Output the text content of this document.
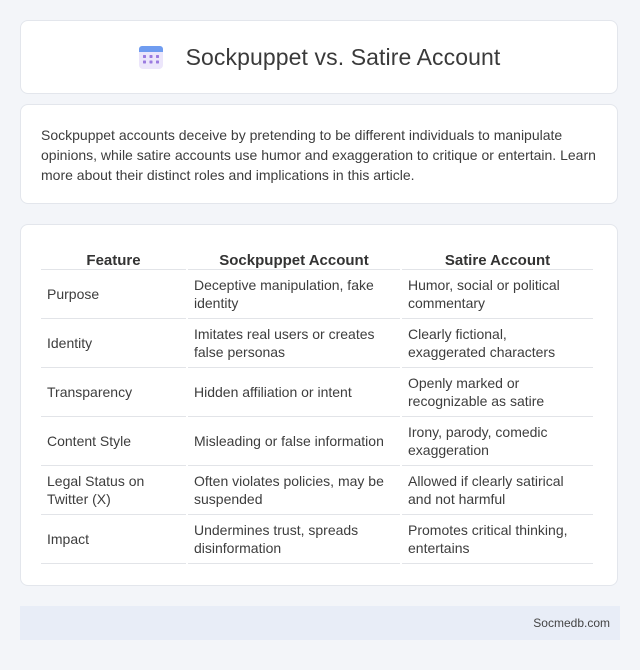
Sockpuppet vs. Satire Account

Sockpuppet accounts deceive by pretending to be different individuals to manipulate opinions, while satire accounts use humor and exaggeration to critique or entertain. Learn more about their distinct roles and implications in this article.

Feature	Sockpuppet Account	Satire Account
Purpose	Deceptive manipulation, fake identity	Humor, social or political commentary
Identity	Imitates real users or creates false personas	Clearly fictional, exaggerated characters
Transparency	Hidden affiliation or intent	Openly marked or recognizable as satire
Content Style	Misleading or false information	Irony, parody, comedic exaggeration
Legal Status on Twitter (X)	Often violates policies, may be suspended	Allowed if clearly satirical and not harmful
Impact	Undermines trust, spreads disinformation	Promotes critical thinking, entertains
Socmedb.com
